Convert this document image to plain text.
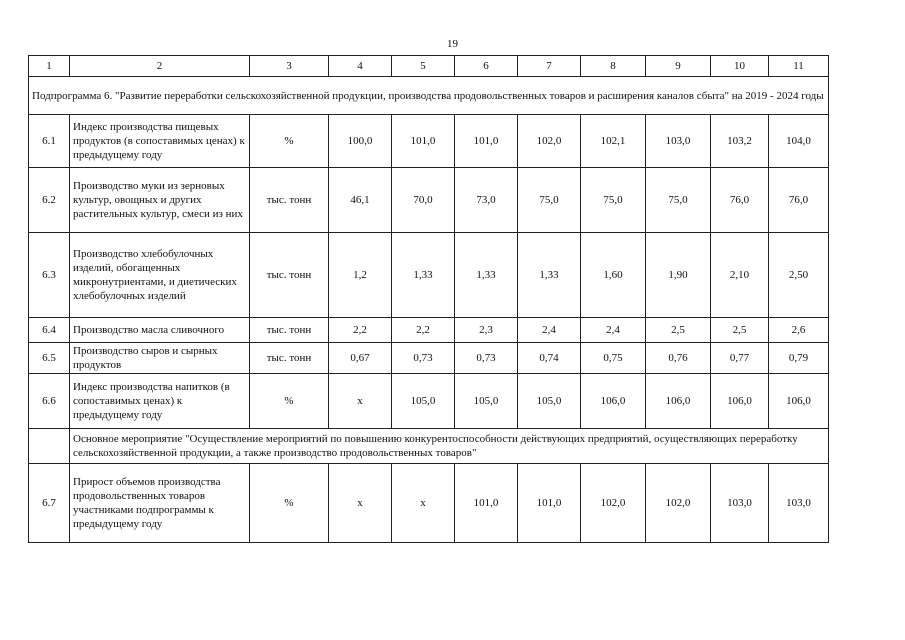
19
1	2	3	4	5	6	7	8	9	10	11
Подпрограмма 6. "Развитие переработки сельскохозяйственной продукции, производства продовольственных товаров и расширения каналов сбыта" на 2019 - 2024 годы										
6.1	Индекс производства пищевых продуктов (в сопоставимых ценах) к предыдущему году	%	100,0	101,0	101,0	102,0	102,1	103,0	103,2	104,0
6.2	Производство муки из зерновых культур, овощных и других растительных культур, смеси из них	тыс. тонн	46,1	70,0	73,0	75,0	75,0	75,0	76,0	76,0
6.3	Производство хлебобулочных изделий, обогащенных микронутриентами, и диетических хлебобулочных изделий	тыс. тонн	1,2	1,33	1,33	1,33	1,60	1,90	2,10	2,50
6.4	Производство масла сливочного	тыс. тонн	2,2	2,2	2,3	2,4	2,4	2,5	2,5	2,6
6.5	Производство сыров и сырных продуктов	тыс. тонн	0,67	0,73	0,73	0,74	0,75	0,76	0,77	0,79
6.6	Индекс производства напитков (в сопоставимых ценах) к предыдущему году	%	х	105,0	105,0	105,0	106,0	106,0	106,0	106,0
	Основное мероприятие "Осуществление мероприятий по повышению конкурентоспособности действующих предприятий, осуществляющих переработку сельскохозяйственной продукции, а также производство продовольственных товаров"									
6.7	Прирост объемов производства продовольственных товаров участниками подпрограммы к предыдущему году	%	х	х	101,0	101,0	102,0	102,0	103,0	103,0
